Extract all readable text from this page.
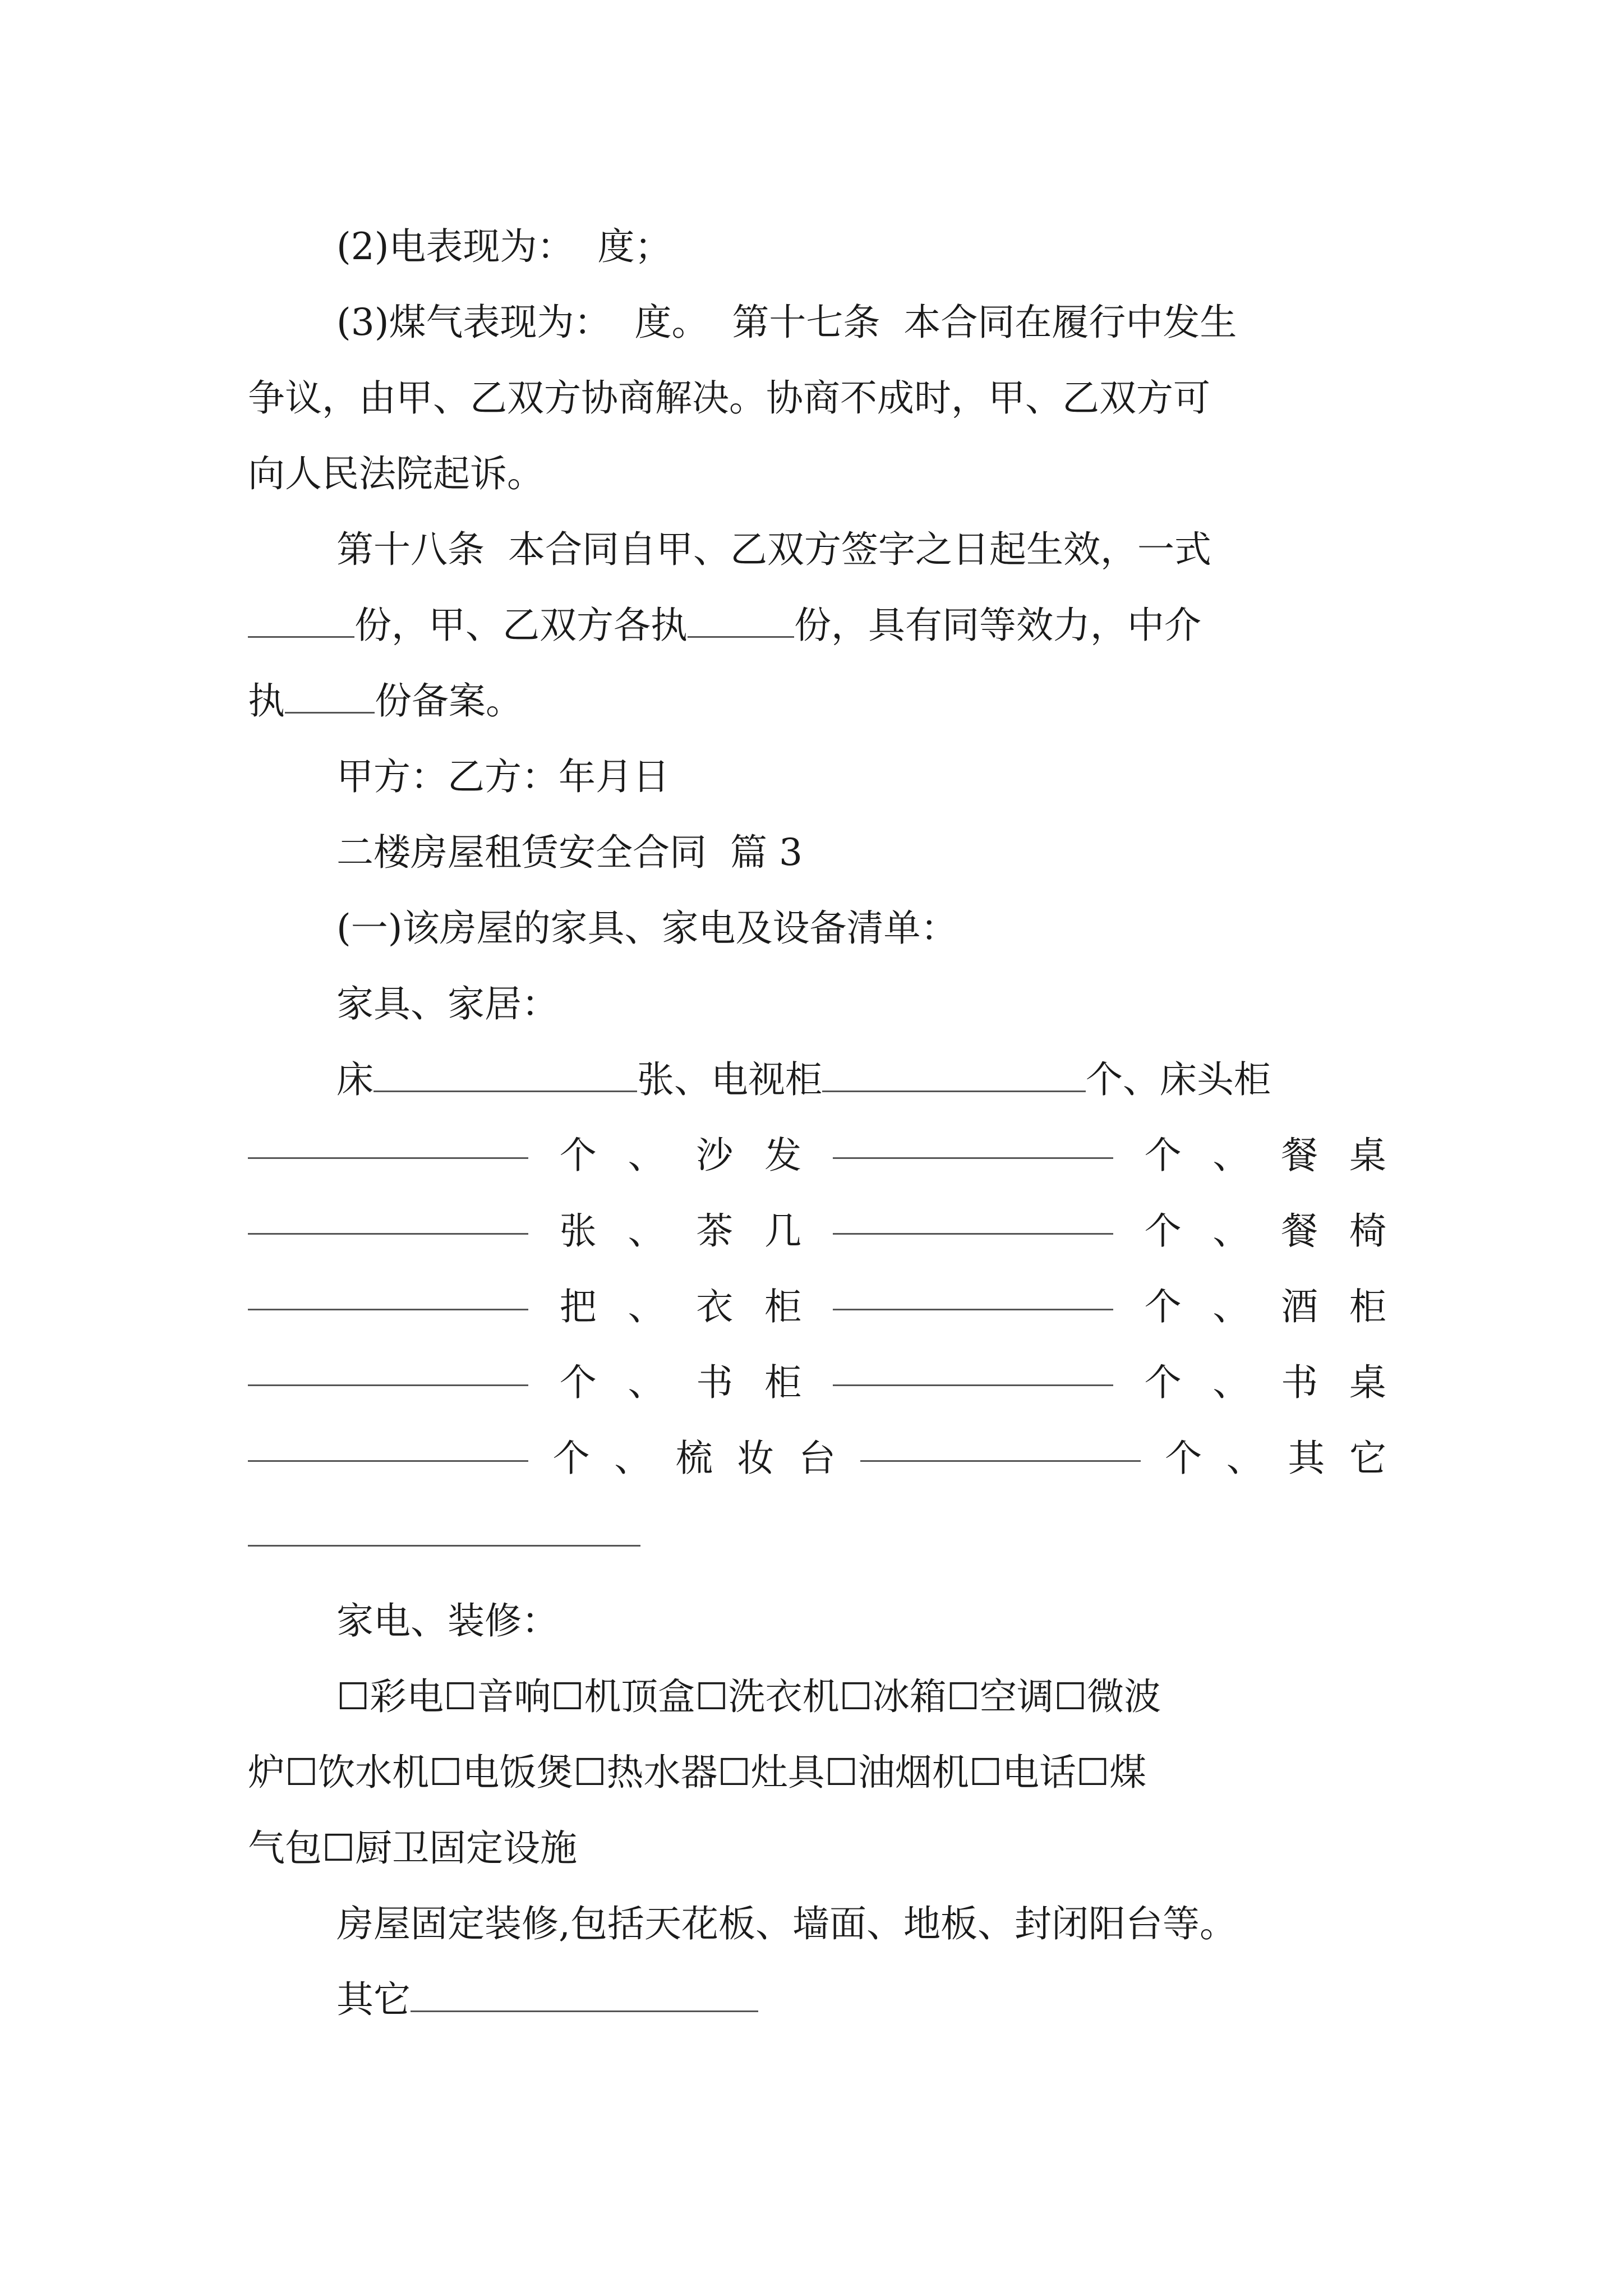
(2)电表现为：  度；
(3)煤气表现为：  度。  第十七条  本合同在履行中发生
争议，由甲、乙双方协商解决。协商不成时，甲、乙双方可
向人民法院起诉。
第十八条  本合同自甲、乙双方签字之日起生效，一式
份，甲、乙双方各执	份，具有同等效力，中介
执 份备案。
甲方：乙方：年月日
二楼房屋租赁安全合同  篇 3
(一)该房屋的家具、家电及设备清单：
家具、家居：
床	张、电视柜	个、床头柜
个 、 沙 发	个 、 餐 桌
张 、 茶 几	个 、 餐 椅
把 、 衣 柜	个 、 酒 柜
个 、 书 柜	个 、 书 桌
个 、 梳 妆 台	个 、 其 它
家电、装修：
☐彩电☐音响☐机顶盒☐洗衣机☐冰箱☐空调☐微波
炉☐饮水机☐电饭煲☐热水器☐灶具☐油烟机☐电话☐煤
气包☐厨卫固定设施
房屋固定装修,包括天花板、墙面、地板、封闭阳台等。
其它
